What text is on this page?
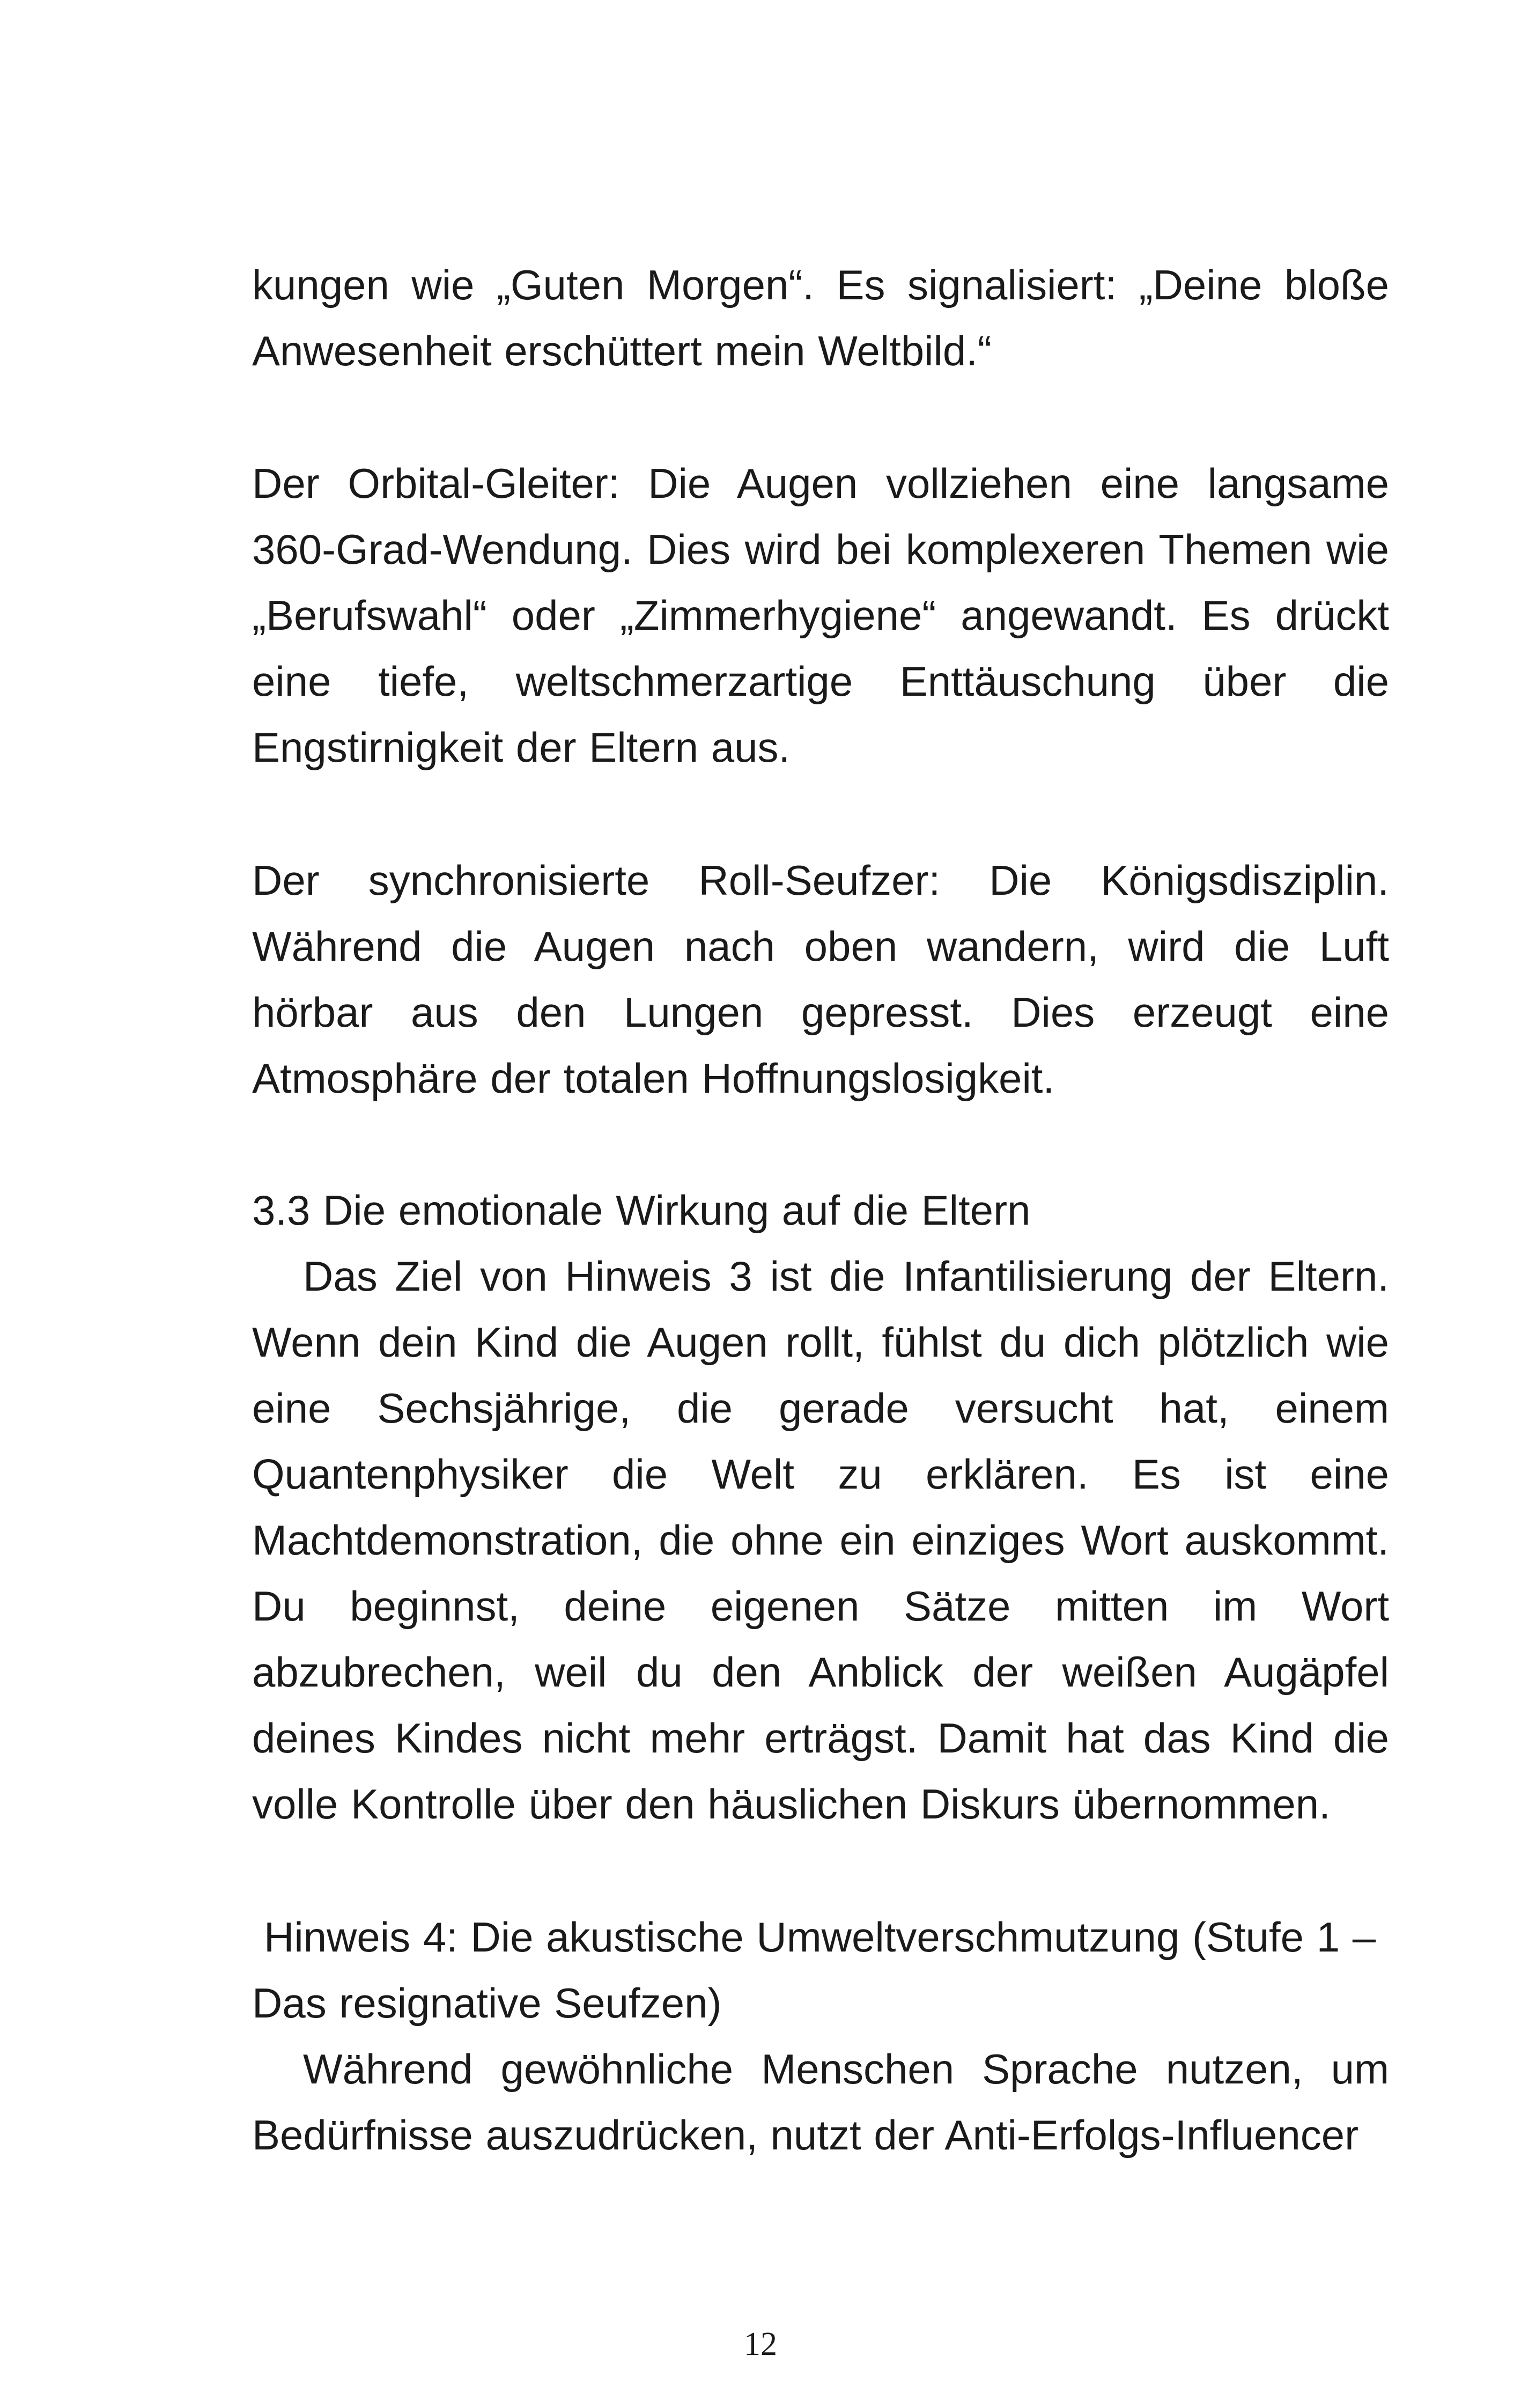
kungen wie „Guten Morgen“. Es signalisiert: „Deine bloße Anwesenheit erschüttert mein Weltbild.“

Der Orbital-Gleiter: Die Augen vollziehen eine langsame 360-Grad-Wendung. Dies wird bei komplexeren Themen wie „Berufswahl“ oder „Zimmerhygiene“ angewandt. Es drückt eine tiefe, weltschmerzartige Enttäuschung über die Engstirnigkeit der Eltern aus.

Der synchronisierte Roll-Seufzer: Die Königsdisziplin. Während die Augen nach oben wandern, wird die Luft hörbar aus den Lungen gepresst. Dies erzeugt eine Atmosphäre der totalen Hoffnungslosigkeit.

3.3 Die emotionale Wirkung auf die Eltern

Das Ziel von Hinweis 3 ist die Infantilisierung der Eltern. Wenn dein Kind die Augen rollt, fühlst du dich plötzlich wie eine Sechsjährige, die gerade versucht hat, einem Quantenphysiker die Welt zu erklären. Es ist eine Machtdemonstration, die ohne ein einziges Wort auskommt. Du beginnst, deine eigenen Sätze mitten im Wort abzubrechen, weil du den Anblick der weißen Augäpfel deines Kindes nicht mehr erträgst. Damit hat das Kind die volle Kontrolle über den häuslichen Diskurs übernommen.

Hinweis 4: Die akustische Umweltverschmutzung (Stufe 1 – Das resignative Seufzen)

Während gewöhnliche Menschen Sprache nutzen, um Bedürfnisse auszudrücken, nutzt der Anti-Erfolgs-Influencer

12
